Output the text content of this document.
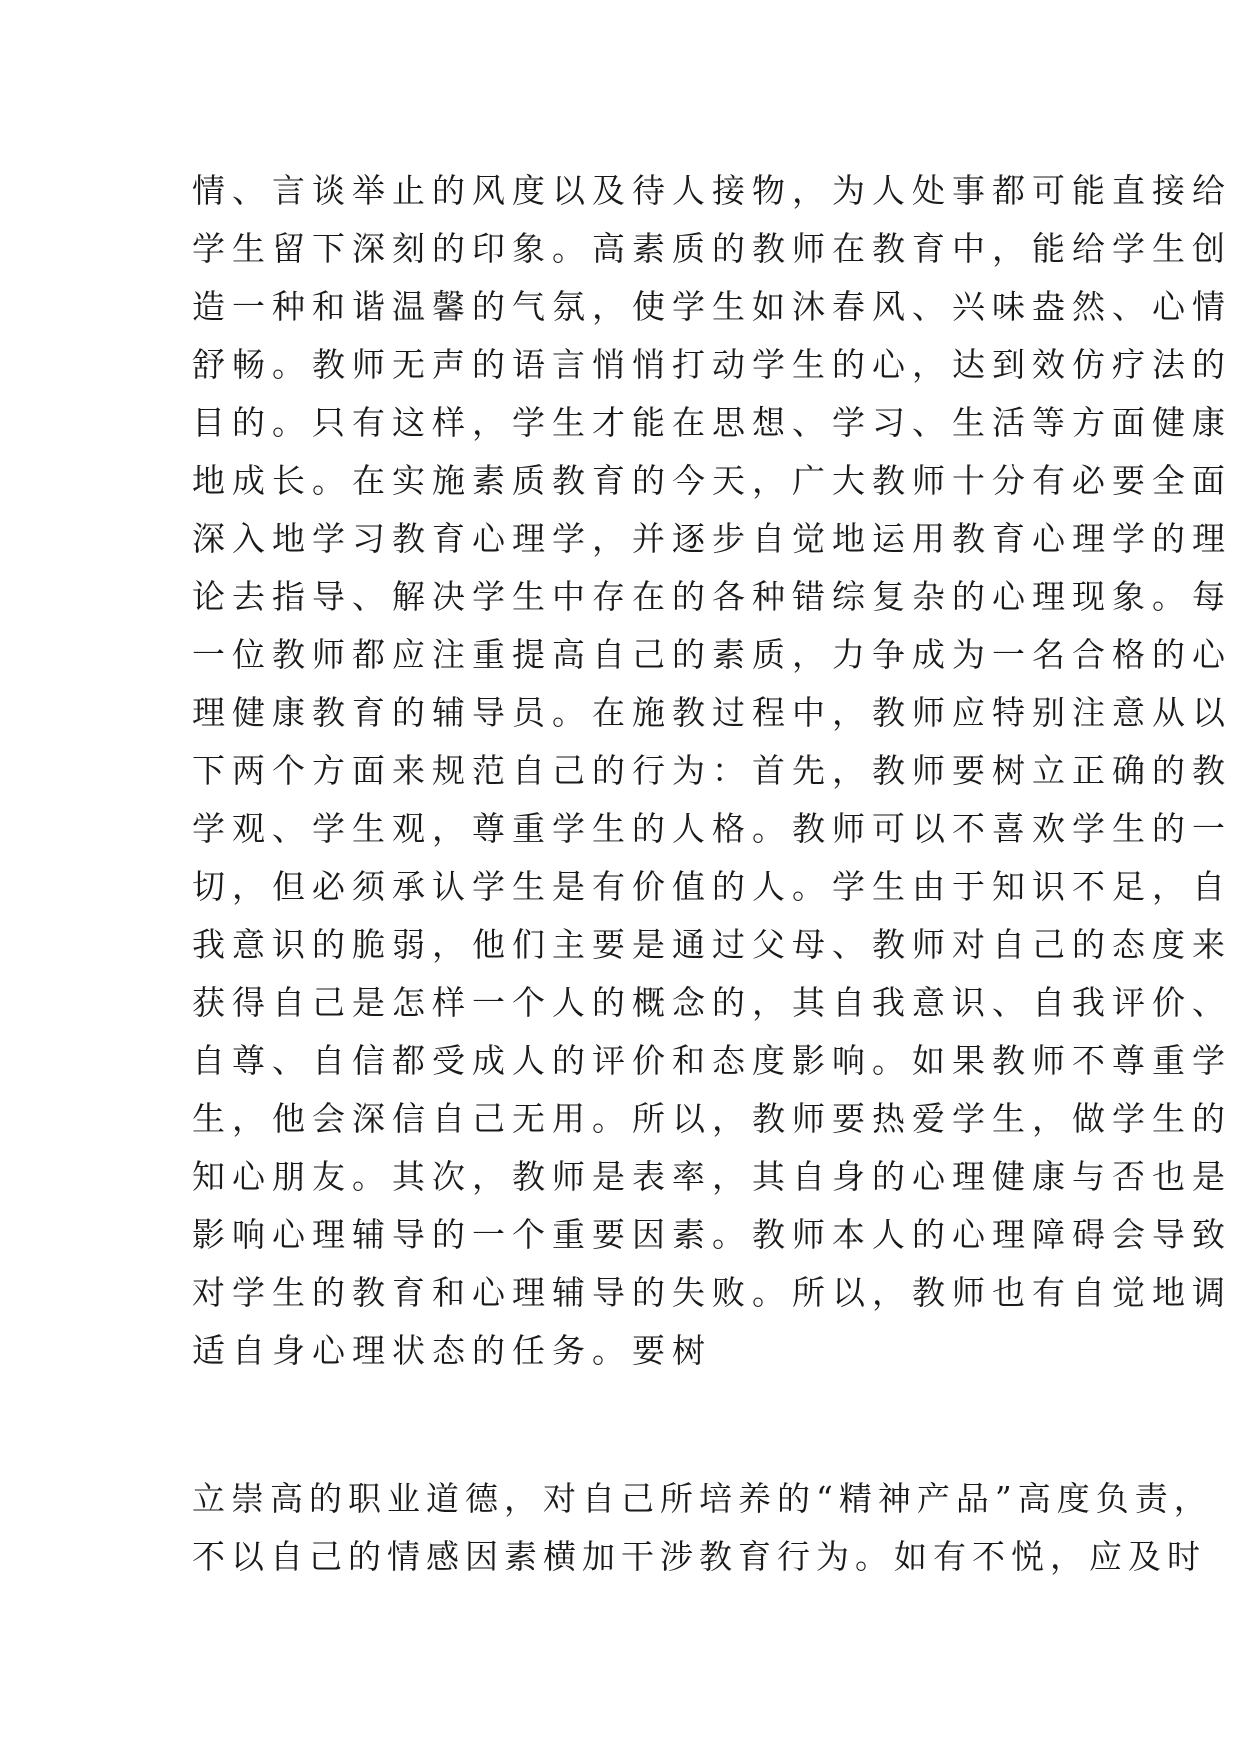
情、言谈举止的风度以及待人接物，为人处事都可能直接给
学生留下深刻的印象。高素质的教师在教育中，能给学生创
造一种和谐温馨的气氛，使学生如沐春风、兴味盎然、心情
舒畅。教师无声的语言悄悄打动学生的心，达到效仿疗法的
目的。只有这样，学生才能在思想、学习、生活等方面健康
地成长。在实施素质教育的今天，广大教师十分有必要全面
深入地学习教育心理学，并逐步自觉地运用教育心理学的理
论去指导、解决学生中存在的各种错综复杂的心理现象。每
一位教师都应注重提高自己的素质，力争成为一名合格的心
理健康教育的辅导员。在施教过程中，教师应特别注意从以
下两个方面来规范自己的行为：首先，教师要树立正确的教
学观、学生观，尊重学生的人格。教师可以不喜欢学生的一
切，但必须承认学生是有价值的人。学生由于知识不足，自
我意识的脆弱，他们主要是通过父母、教师对自己的态度来
获得自己是怎样一个人的概念的，其自我意识、自我评价、
自尊、自信都受成人的评价和态度影响。如果教师不尊重学
生，他会深信自己无用。所以，教师要热爱学生，做学生的
知心朋友。其次，教师是表率，其自身的心理健康与否也是
影响心理辅导的一个重要因素。教师本人的心理障碍会导致
对学生的教育和心理辅导的失败。所以，教师也有自觉地调
适自身心理状态的任务。要树
立崇高的职业道德，对自己所培养的“精神产品”高度负责，
不以自己的情感因素横加干涉教育行为。如有不悦，应及时
